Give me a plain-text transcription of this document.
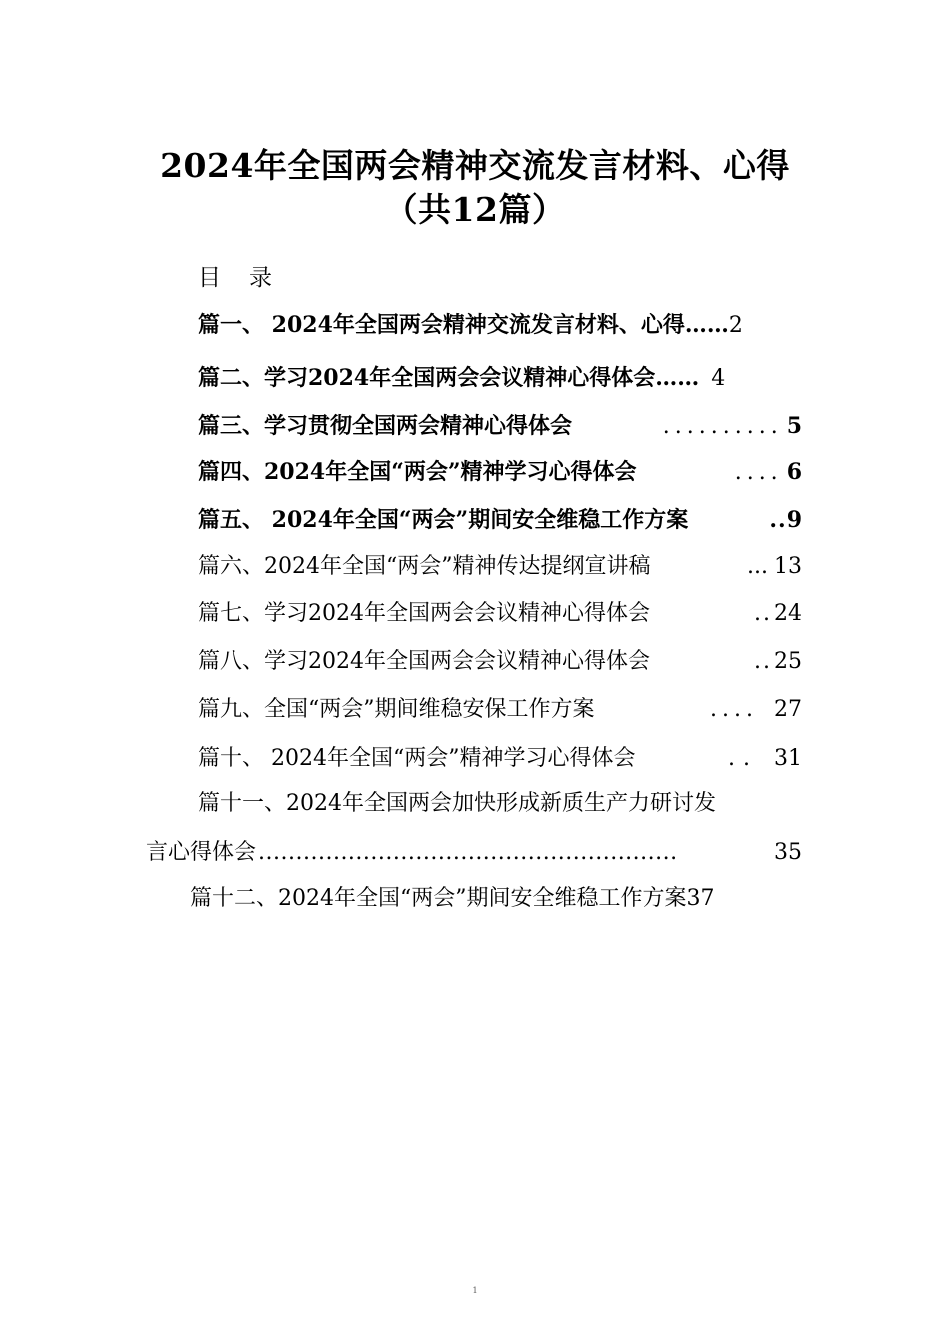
2024年全国两会精神交流发言材料、心得
（共12篇）
目 录
篇一、 2024年全国两会精神交流发言材料、心得 …… 2
篇二、学习2024年全国两会会议精神心得体会 …… 4
篇三、学习贯彻全国两会精神心得体会	.......... 5
篇四、2024年全国“两会”精神学习心得体会	.... 6
篇五、 2024年全国“两会”期间安全维稳工作方案	.. 9
篇六、2024年全国“两会”精神传达提纲宣讲稿	... 13
篇七、学习2024年全国两会会议精神心得体会	.. 24
篇八、学习2024年全国两会会议精神心得体会	.. 25
篇九、全国“两会”期间维稳安保工作方案	.... 27
篇十、 2024年全国“两会”精神学习心得体会	.. 31
篇十一、2024年全国两会加快形成新质生产力研讨发
言心得体会 ........................................................	35
篇十二、2024年全国“两会”期间安全维稳工作方案37
1
